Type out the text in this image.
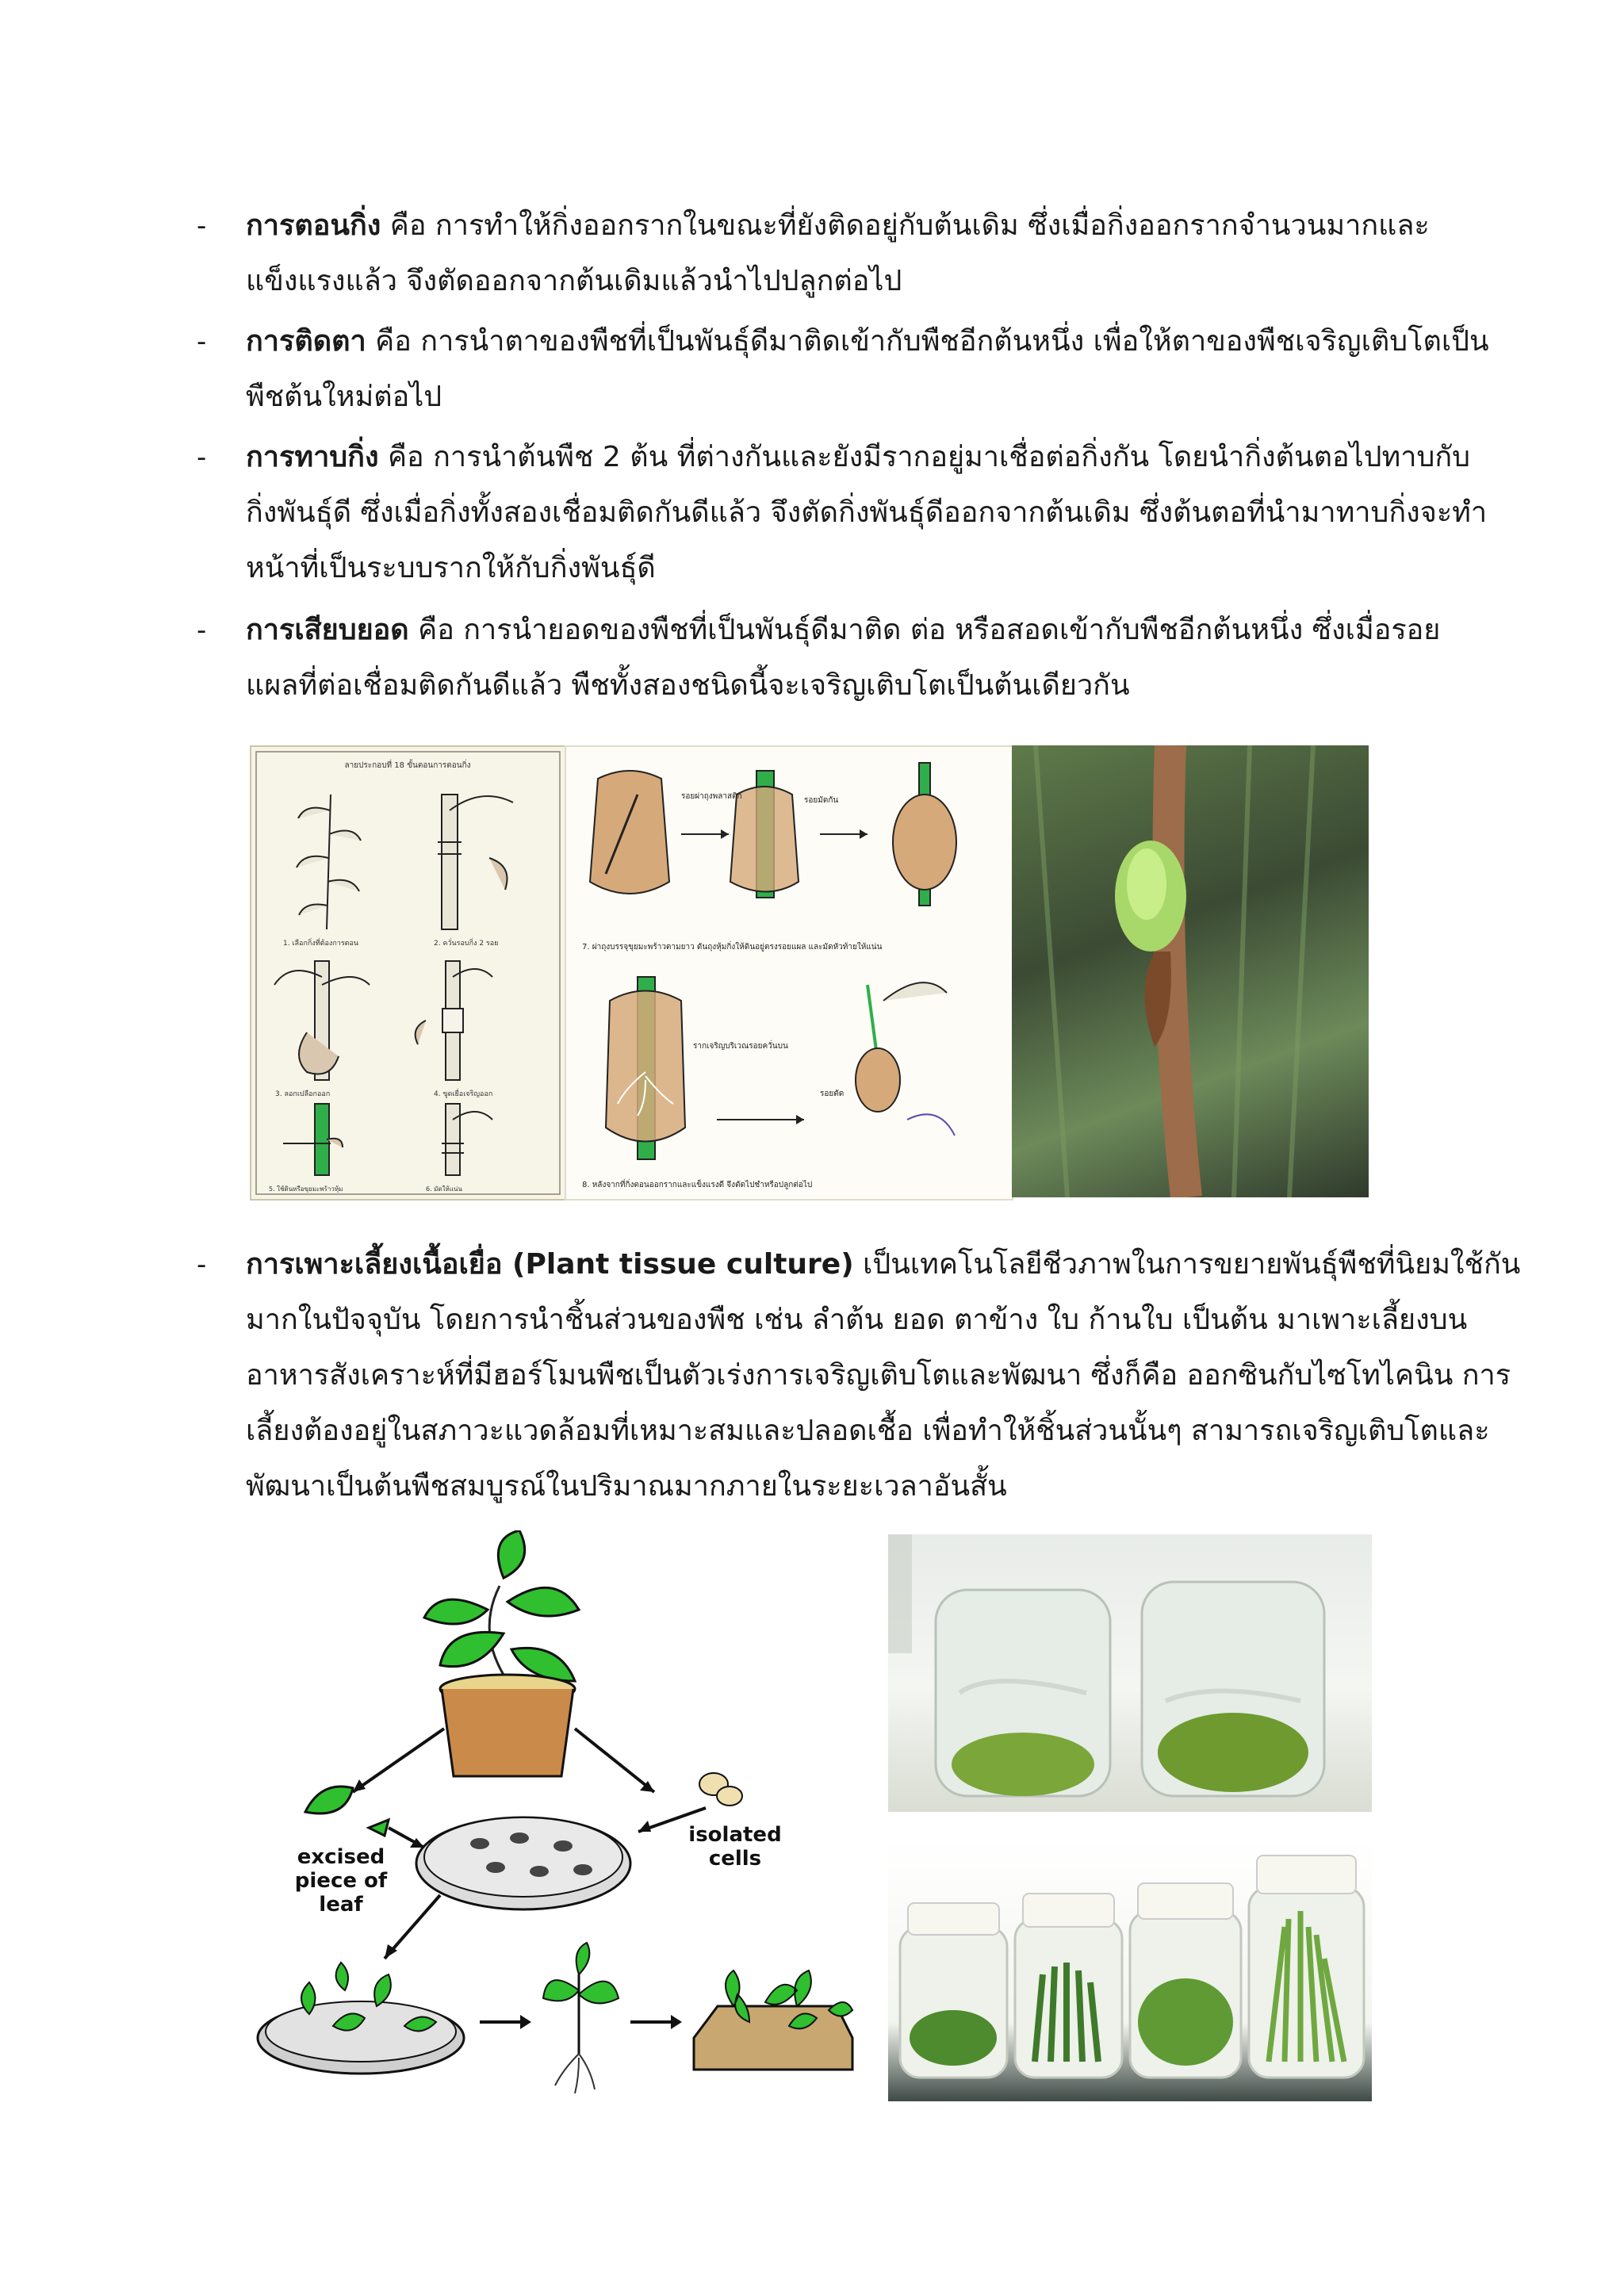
- การตอนกิ่ง คือ การทำให้กิ่งออกรากในขณะที่ยังติดอยู่กับต้นเดิม ซึ่งเมื่อกิ่งออกรากจำนวนมากและ
แข็งแรงแล้ว จึงตัดออกจากต้นเดิมแล้วนำไปปลูกต่อไป
- การติดตา คือ การนำตาของพืชที่เป็นพันธุ์ดีมาติดเข้ากับพืชอีกต้นหนึ่ง เพื่อให้ตาของพืชเจริญเติบโตเป็น
พืชต้นใหม่ต่อไป
- การทาบกิ่ง คือ การนำต้นพืช 2 ต้น ที่ต่างกันและยังมีรากอยู่มาเชื่อต่อกิ่งกัน โดยนำกิ่งต้นตอไปทาบกับ
กิ่งพันธุ์ดี ซึ่งเมื่อกิ่งทั้งสองเชื่อมติดกันดีแล้ว จึงตัดกิ่งพันธุ์ดีออกจากต้นเดิม ซึ่งต้นตอที่นำมาทาบกิ่งจะทำ
หน้าที่เป็นระบบรากให้กับกิ่งพันธุ์ดี
- การเสียบยอด คือ การนำยอดของพืชที่เป็นพันธุ์ดีมาติด ต่อ หรือสอดเข้ากับพืชอีกต้นหนึ่ง ซึ่งเมื่อรอย
แผลที่ต่อเชื่อมติดกันดีแล้ว พืชทั้งสองชนิดนี้จะเจริญเติบโตเป็นต้นเดียวกัน
ลายประกอบที่ 18 ขั้นตอนการตอนกิ่ง
1. เลือกกิ่งที่ต้องการตอน	2. ควั่นรอบกิ่ง 2 รอย
3. ลอกเปลือกออก	4. ขูดเยื่อเจริญออก
5. ใช้ดินหรือขุยมะพร้าวหุ้ม	6. มัดให้แน่น
รอยผ่าถุงพลาสติก	รอยมัดกัน
7. ผ่าถุงบรรจุขุยมะพร้าวตามยาว ดันถุงหุ้มกิ่งให้ดินอยู่ตรงรอยแผล และมัดหัวท้ายให้แน่น
รากเจริญบริเวณรอยควั่นบน
รอยตัด
8. หลังจากที่กิ่งตอนออกรากและแข็งแรงดี จึงตัดไปชำหรือปลูกต่อไป
- การเพาะเลี้ยงเนื้อเยื่อ (Plant tissue culture) เป็นเทคโนโลยีชีวภาพในการขยายพันธุ์พืชที่นิยมใช้กัน
มากในปัจจุบัน โดยการนำชิ้นส่วนของพืช เช่น ลำต้น ยอด ตาข้าง ใบ ก้านใบ เป็นต้น มาเพาะเลี้ยงบน
อาหารสังเคราะห์ที่มีฮอร์โมนพืชเป็นตัวเร่งการเจริญเติบโตและพัฒนา ซึ่งก็คือ ออกซินกับไซโทไคนิน การ
เลี้ยงต้องอยู่ในสภาวะแวดล้อมที่เหมาะสมและปลอดเชื้อ เพื่อทำให้ชิ้นส่วนนั้นๆ สามารถเจริญเติบโตและ
พัฒนาเป็นต้นพืชสมบูรณ์ในปริมาณมากภายในระยะเวลาอันสั้น
excised
piece of
leaf
isolated
cells
